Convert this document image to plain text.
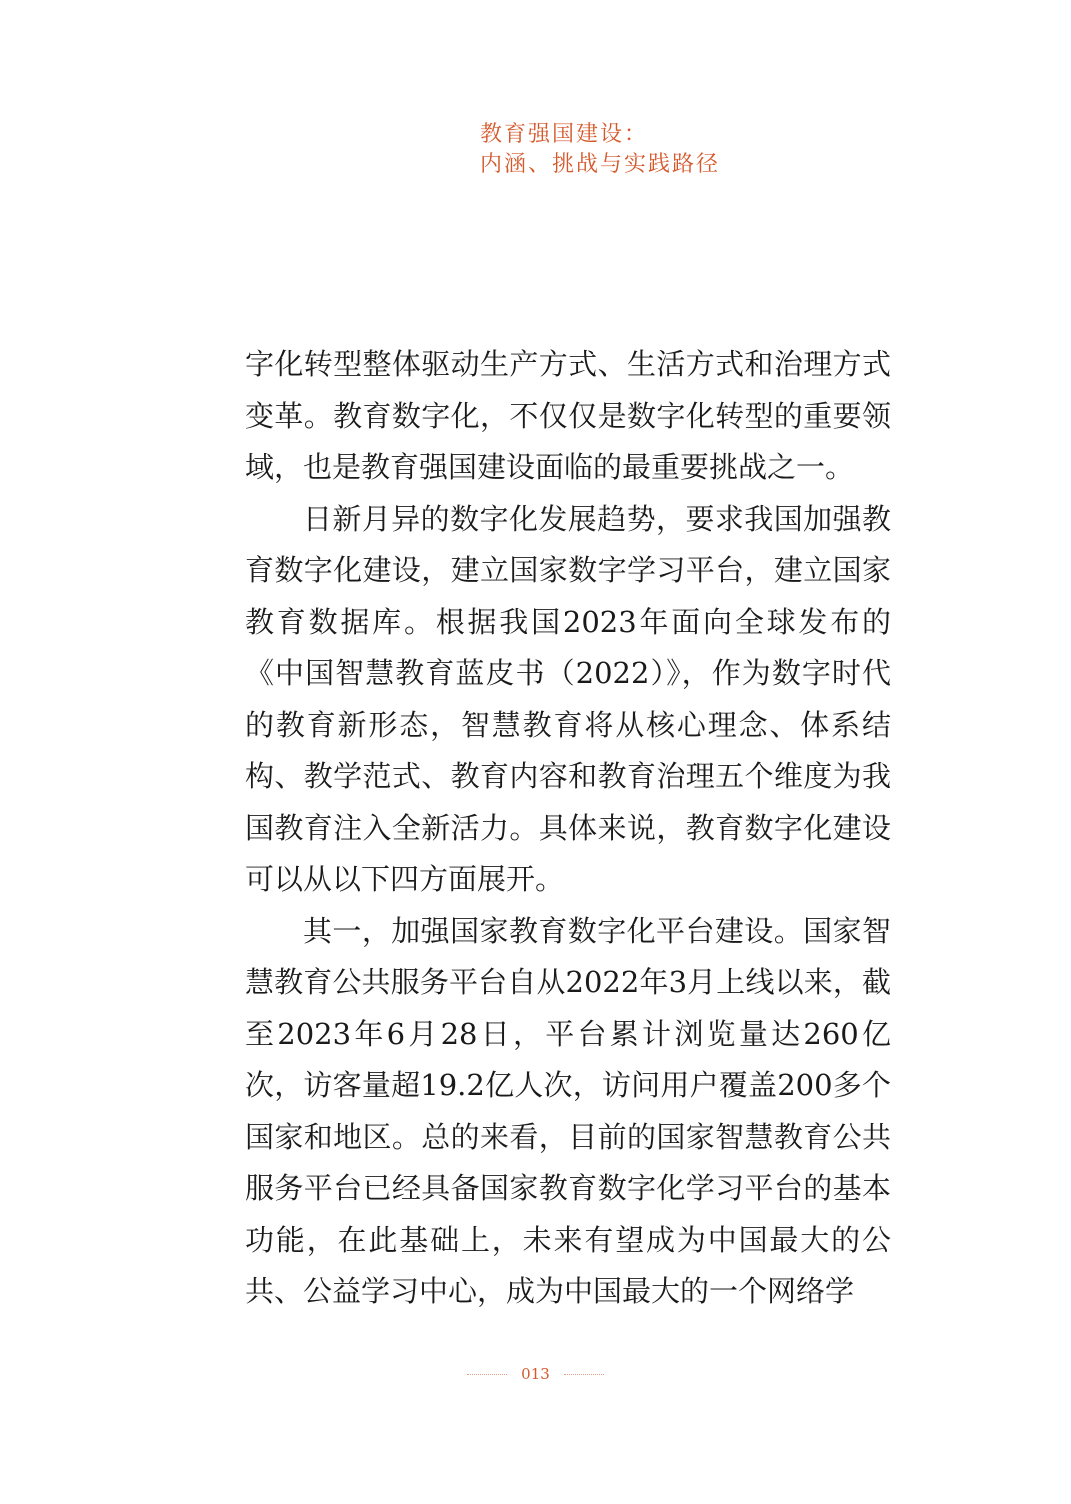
教育强国建设：
内涵、挑战与实践路径

字化转型整体驱动生产方式、生活方式和治理方式变革。教育数字化，不仅仅是数字化转型的重要领域，也是教育强国建设面临的最重要挑战之一。

日新月异的数字化发展趋势，要求我国加强教育数字化建设，建立国家数字学习平台，建立国家教育数据库。根据我国2023年面向全球发布的《中国智慧教育蓝皮书（2022）》，作为数字时代的教育新形态，智慧教育将从核心理念、体系结构、教学范式、教育内容和教育治理五个维度为我国教育注入全新活力。具体来说，教育数字化建设可以从以下四方面展开。

其一，加强国家教育数字化平台建设。国家智慧教育公共服务平台自从2022年3月上线以来，截至2023年6月28日，平台累计浏览量达260亿次，访客量超19.2亿人次，访问用户覆盖200多个国家和地区。总的来看，目前的国家智慧教育公共服务平台已经具备国家教育数字化学习平台的基本功能，在此基础上，未来有望成为中国最大的公共、公益学习中心，成为中国最大的一个网络学

013
